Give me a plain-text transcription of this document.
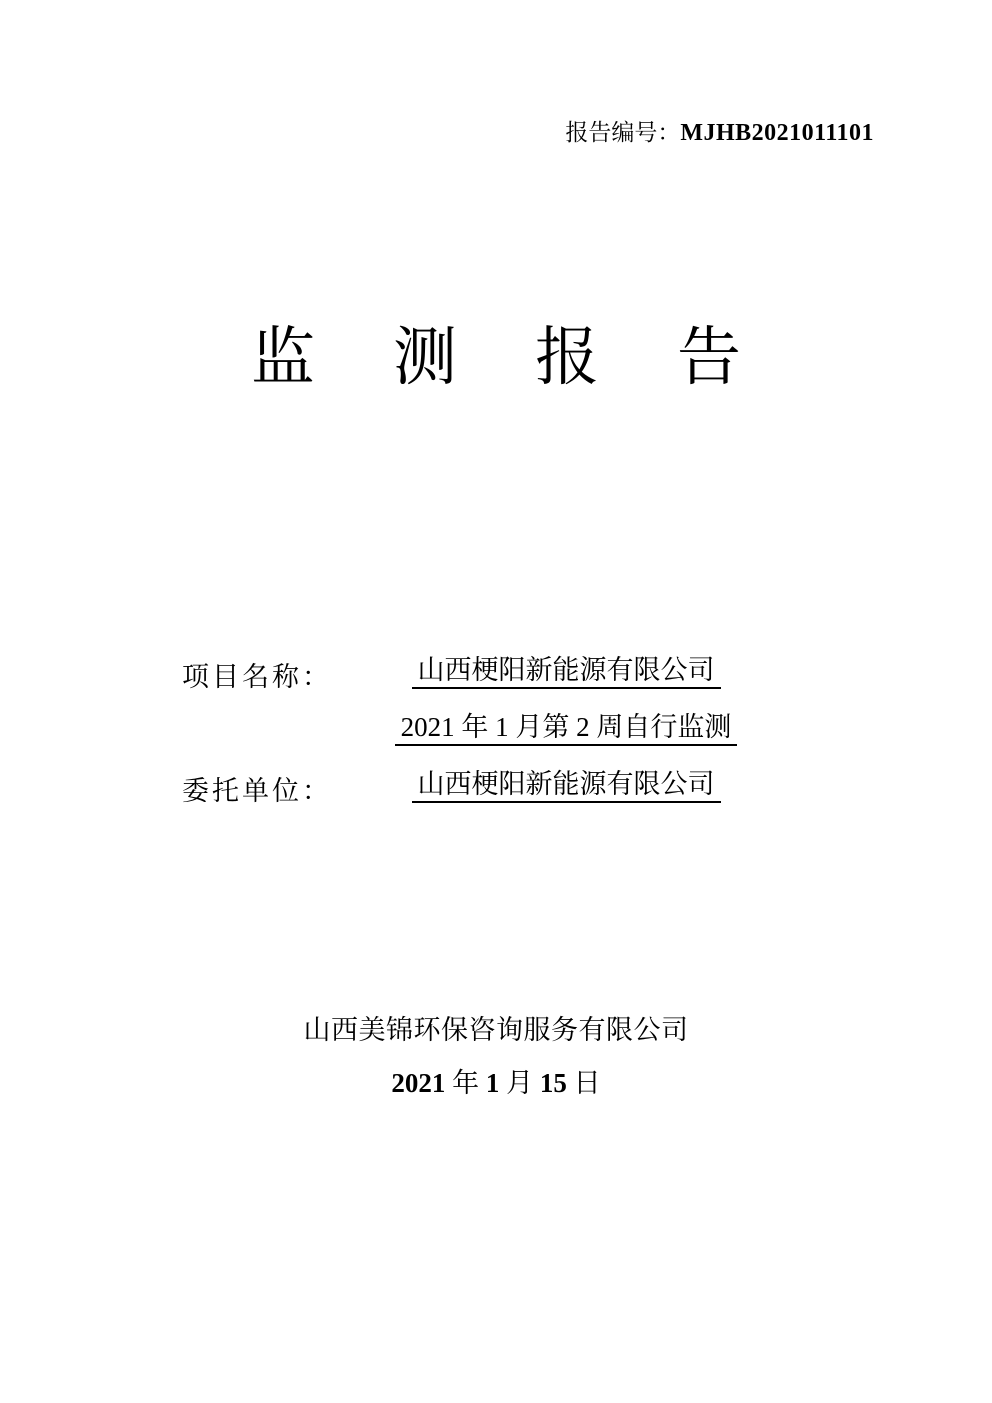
报告编号：MJHB2021011101
监 测 报 告
项目名称：	山西梗阳新能源有限公司
2021 年 1 月第 2 周自行监测
委托单位：	山西梗阳新能源有限公司
山西美锦环保咨询服务有限公司
2021 年 1 月 15 日
